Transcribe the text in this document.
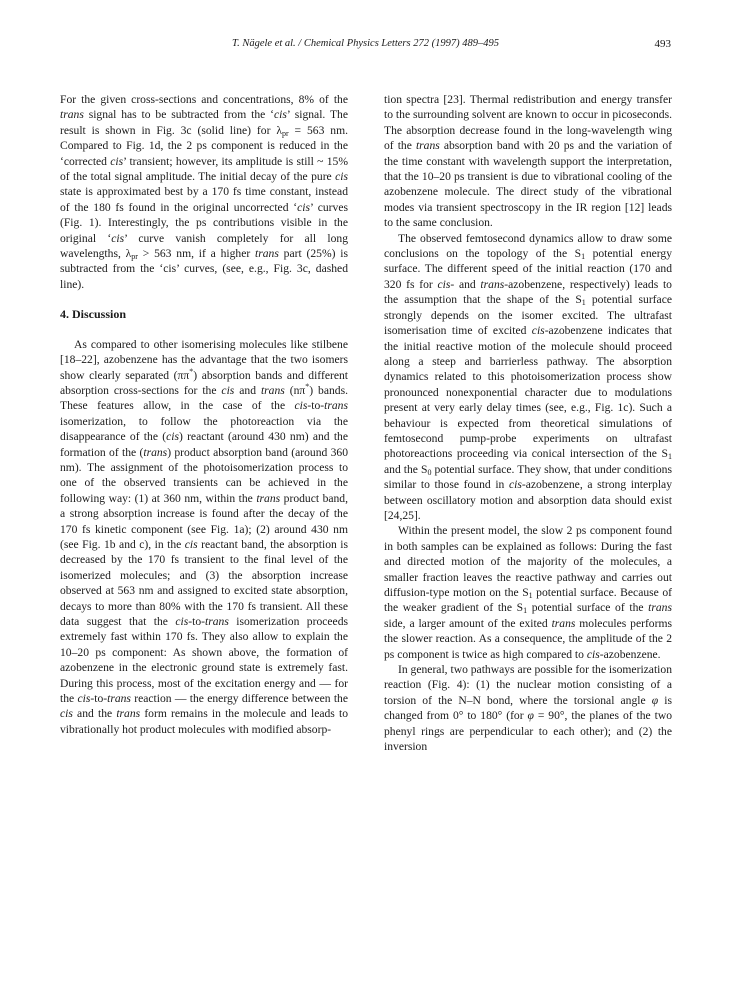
T. Nägele et al. / Chemical Physics Letters 272 (1997) 489–495	493

For the given cross-sections and concentrations, 8% of the trans signal has to be subtracted from the ‘cis’ signal. The result is shown in Fig. 3c (solid line) for $\lambda_{pr} = 563$ nm. Compared to Fig. 1d, the 2 ps component is reduced in the ‘corrected cis’ transient; however, its amplitude is still ~ 15% of the total signal amplitude. The initial decay of the pure cis state is approximated best by a 170 fs time constant, instead of the 180 fs found in the original uncorrected ‘cis’ curves (Fig. 1). Interestingly, the ps contributions visible in the original ‘cis’ curve vanish completely for all long wavelengths, $\lambda_{pr} > 563$ nm, if a higher trans part (25%) is subtracted from the ‘cis’ curves, (see, e.g., Fig. 3c, dashed line).

4. Discussion

As compared to other isomerising molecules like stilbene [18–22], azobenzene has the advantage that the two isomers show clearly separated (ππ*) absorption bands and different absorption cross-sections for the cis and trans (nπ*) bands. These features allow, in the case of the cis-to-trans isomerization, to follow the photoreaction via the disappearance of the (cis) reactant (around 430 nm) and the formation of the (trans) product absorption band (around 360 nm). The assignment of the photoisomerization process to one of the observed transients can be achieved in the following way: (1) at 360 nm, within the trans product band, a strong absorption increase is found after the decay of the 170 fs kinetic component (see Fig. 1a); (2) around 430 nm (see Fig. 1b and c), in the cis reactant band, the absorption is decreased by the 170 fs transient to the final level of the isomerized molecules; and (3) the absorption increase observed at 563 nm and assigned to excited state absorption, decays to more than 80% with the 170 fs transient. All these data suggest that the cis-to-trans isomerization proceeds extremely fast within 170 fs. They also allow to explain the 10–20 ps component: As shown above, the formation of azobenzene in the electronic ground state is extremely fast. During this process, most of the excitation energy and — for the cis-to-trans reaction — the energy difference between the cis and the trans form remains in the molecule and leads to vibrationally hot product molecules with modified absorp-

tion spectra [23]. Thermal redistribution and energy transfer to the surrounding solvent are known to occur in picoseconds. The absorption decrease found in the long-wavelength wing of the trans absorption band with 20 ps and the variation of the time constant with wavelength support the interpretation, that the 10–20 ps transient is due to vibrational cooling of the azobenzene molecule. The direct study of the vibrational modes via transient spectroscopy in the IR region [12] leads to the same conclusion.

The observed femtosecond dynamics allow to draw some conclusions on the topology of the $S_1$ potential energy surface. The different speed of the initial reaction (170 and 320 fs for cis- and trans-azobenzene, respectively) leads to the assumption that the shape of the $S_1$ potential surface strongly depends on the isomer excited. The ultrafast isomerisation time of excited cis-azobenzene indicates that the initial reactive motion of the molecule should proceed along a steep and barrierless pathway. The absorption dynamics related to this photoisomerization process show pronounced nonexponential character due to modulations present at very early delay times (see, e.g., Fig. 1c). Such a behaviour is expected from theoretical simulations of femtosecond pump-probe experiments on ultrafast photoreactions proceeding via conical intersection of the $S_1$ and the $S_0$ potential surface. They show, that under conditions similar to those found in cis-azobenzene, a strong interplay between oscillatory motion and absorption data should exist [24,25].

Within the present model, the slow 2 ps component found in both samples can be explained as follows: During the fast and directed motion of the majority of the molecules, a smaller fraction leaves the reactive pathway and carries out diffusion-type motion on the $S_1$ potential surface. Because of the weaker gradient of the $S_1$ potential surface of the trans side, a larger amount of the exited trans molecules performs the slower reaction. As a consequence, the amplitude of the 2 ps component is twice as high compared to cis-azobenzene.

In general, two pathways are possible for the isomerization reaction (Fig. 4): (1) the nuclear motion consisting of a torsion of the N–N bond, where the torsional angle φ is changed from 0° to 180° (for φ = 90°, the planes of the two phenyl rings are perpendicular to each other); and (2) the inversion
